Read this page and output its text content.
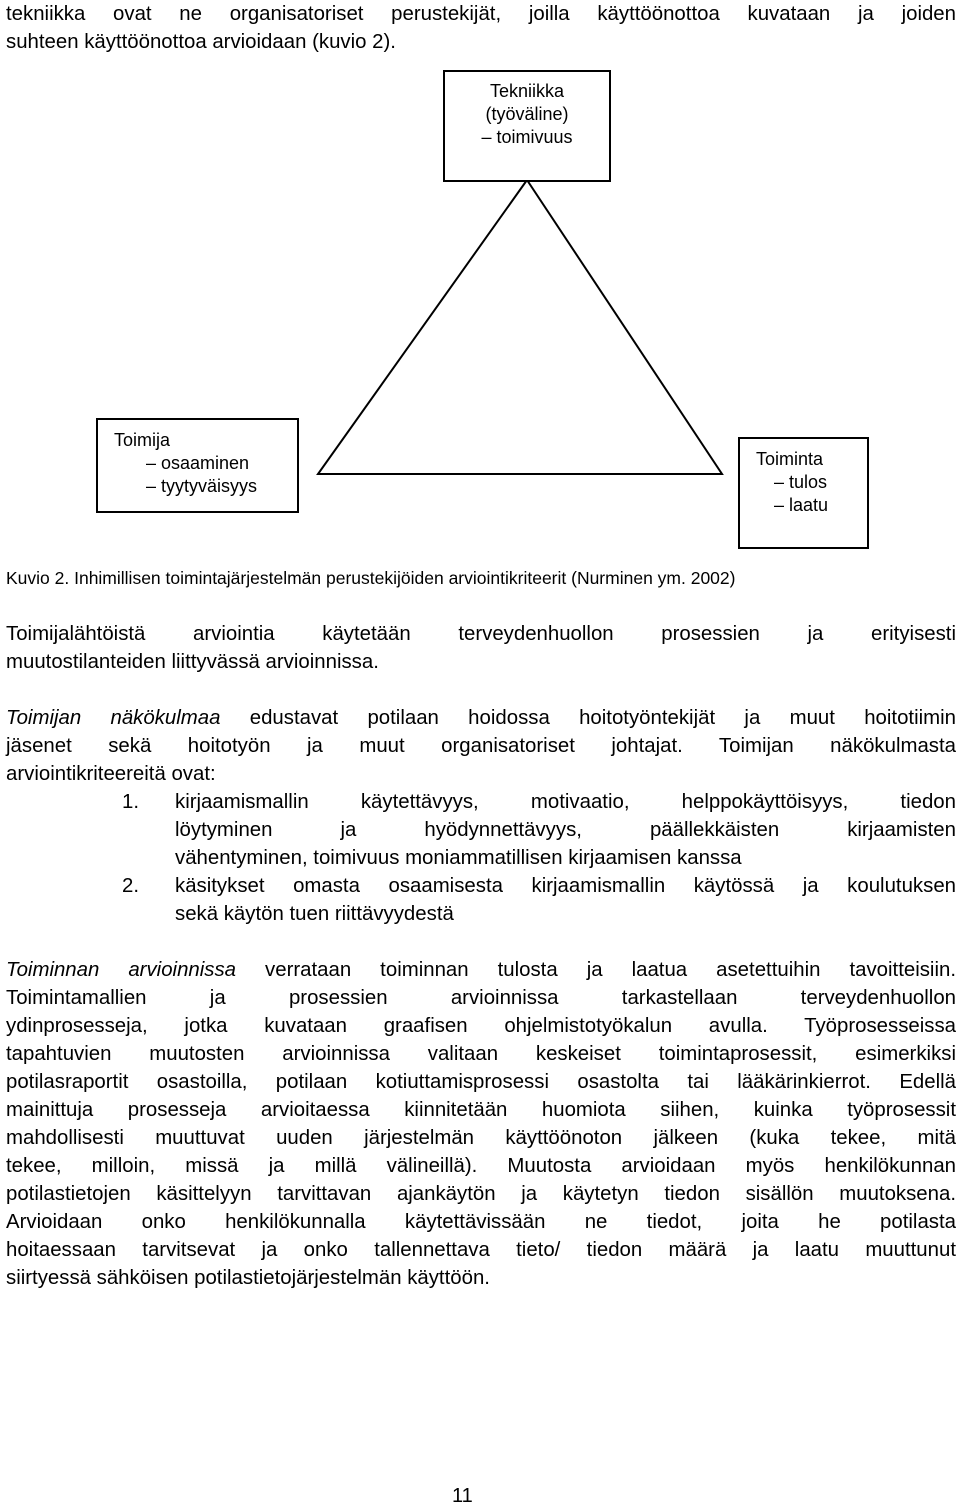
tekniikka ovat ne organisatoriset perustekijät, joilla käyttöönottoa kuvataan ja joiden
suhteen käyttöönottoa arvioidaan (kuvio 2).

Tekniikka
(työväline)
– toimivuus
Toimija
– osaaminen
– tyytyväisyys
Toiminta
– tulos
– laatu
Kuvio 2. Inhimillisen toimintajärjestelmän perustekijöiden arviointikriteerit (Nurminen ym. 2002)

Toimijalähtöistä arviointia käytetään terveydenhuollon prosessien ja erityisesti
muutostilanteiden liittyvässä arvioinnissa.

Toimijan näkökulmaa edustavat potilaan hoidossa hoitotyöntekijät ja muut hoitotiimin
jäsenet sekä hoitotyön ja muut organisatoriset johtajat. Toimijan näkökulmasta
arviointikriteereitä ovat:

1. kirjaamismallin käytettävyys, motivaatio, helppokäyttöisyys, tiedon
löytyminen ja hyödynnettävyys, päällekkäisten kirjaamisten
vähentyminen, toimivuus moniammatillisen kirjaamisen kanssa
2. käsitykset omasta osaamisesta kirjaamismallin käytössä ja koulutuksen
sekä käytön tuen riittävyydestä

Toiminnan arvioinnissa verrataan toiminnan tulosta ja laatua asetettuihin tavoitteisiin.
Toimintamallien ja prosessien arvioinnissa tarkastellaan terveydenhuollon
ydinprosesseja, jotka kuvataan graafisen ohjelmistotyökalun avulla. Työprosesseissa
tapahtuvien muutosten arvioinnissa valitaan keskeiset toimintaprosessit, esimerkiksi
potilasraportit osastoilla, potilaan kotiuttamisprosessi osastolta tai lääkärinkierrot. Edellä
mainittuja prosesseja arvioitaessa kiinnitetään huomiota siihen, kuinka työprosessit
mahdollisesti muuttuvat uuden järjestelmän käyttöönoton jälkeen (kuka tekee, mitä
tekee, milloin, missä ja millä välineillä). Muutosta arvioidaan myös henkilökunnan
potilastietojen käsittelyyn tarvittavan ajankäytön ja käytetyn tiedon sisällön muutoksena.
Arvioidaan onko henkilökunnalla käytettävissään ne tiedot, joita he potilasta
hoitaessaan tarvitsevat ja onko tallennettava tieto/ tiedon määrä ja laatu muuttunut
siirtyessä sähköisen potilastietojärjestelmän käyttöön.

11
